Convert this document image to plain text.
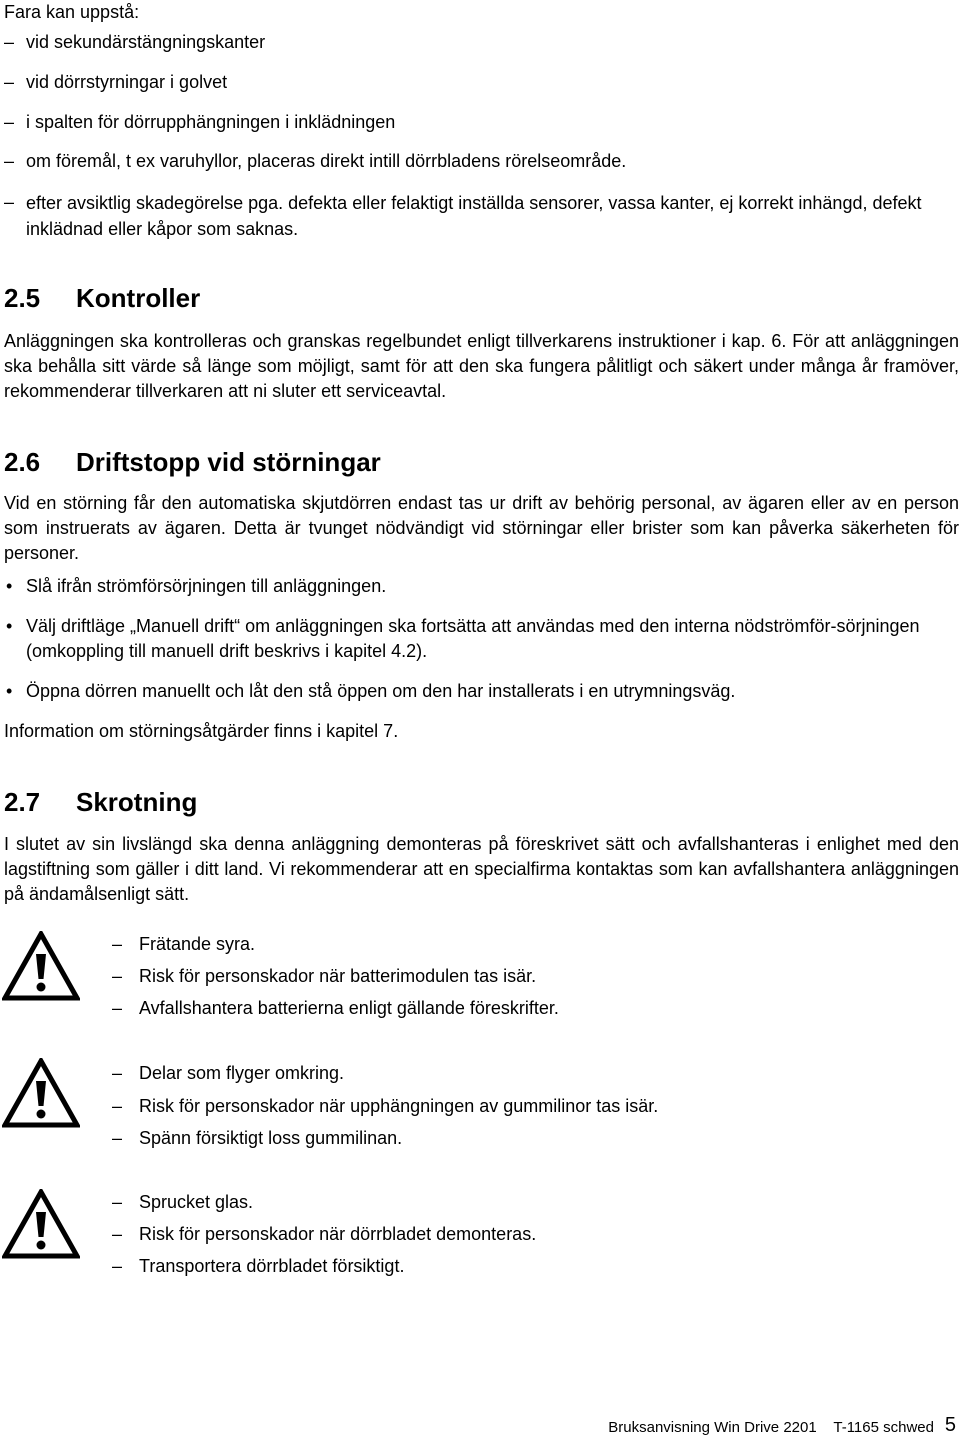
Fara kan uppstå:
– vid sekundärstängningskanter
– vid dörrstyrningar i golvet
– i spalten för dörrupphängningen i inklädningen
– om föremål, t ex varuhyllor, placeras direkt intill dörrbladens rörelseområde.
– efter avsiktlig skadegörelse pga. defekta eller felaktigt inställda sensorer, vassa kanter, ej korrekt inhängd, defekt inklädnad eller kåpor som saknas.
2.5 Kontroller
Anläggningen ska kontrolleras och granskas regelbundet enligt tillverkarens instruktioner i kap. 6. För att anläggningen ska behålla sitt värde så länge som möjligt, samt för att den ska fungera pålitligt och säkert under många år framöver, rekommenderar tillverkaren att ni sluter ett serviceavtal.
2.6 Driftstopp vid störningar
Vid en störning får den automatiska skjutdörren endast tas ur drift av behörig personal, av ägaren eller av en person som instruerats av ägaren. Detta är tvunget nödvändigt vid störningar eller brister som kan påverka säkerheten för personer.
• Slå ifrån strömförsörjningen till anläggningen.
• Välj driftläge „Manuell drift“ om anläggningen ska fortsätta att användas med den interna nödströmför-sörjningen (omkoppling till manuell drift beskrivs i kapitel 4.2).
• Öppna dörren manuellt och låt den stå öppen om den har installerats i en utrymningsväg.
Information om störningsåtgärder finns i kapitel 7.
2.7 Skrotning
I slutet av sin livslängd ska denna anläggning demonteras på föreskrivet sätt och avfallshanteras i enlighet med den lagstiftning som gäller i ditt land. Vi rekommenderar att en specialfirma kontaktas som kan avfallshantera anläggningen på ändamålsenligt sätt.
– Frätande syra.
– Risk för personskador när batterimodulen tas isär.
– Avfallshantera batterierna enligt gällande föreskrifter.
– Delar som flyger omkring.
– Risk för personskador när upphängningen av gummilinor tas isär.
– Spänn försiktigt loss gummilinan.
– Sprucket glas.
– Risk för personskador när dörrbladet demonteras.
– Transportera dörrbladet försiktigt.
Bruksanvisning Win Drive 2201 T-1165 schwed 5
